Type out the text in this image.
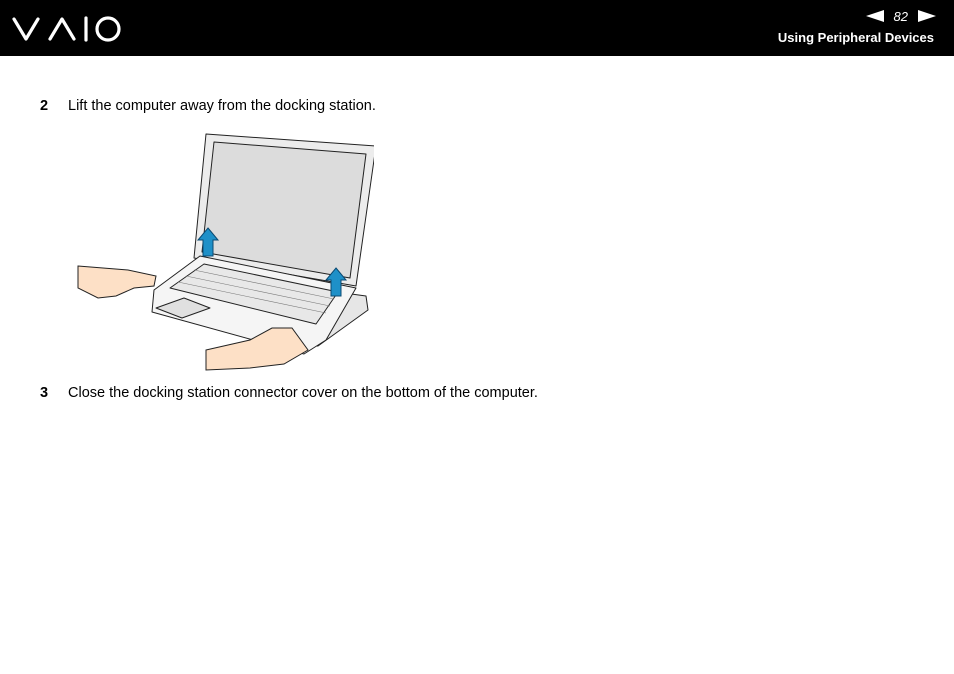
82
Using Peripheral Devices
2	Lift the computer away from the docking station.
3	Close the docking station connector cover on the bottom of the computer.
